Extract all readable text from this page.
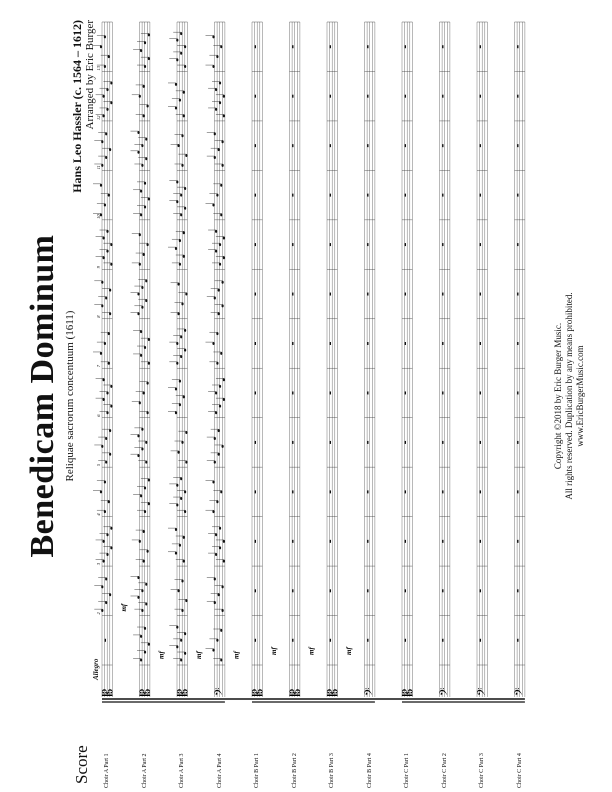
Score
Benedicam Dominum Reliquae sacrorum concentuum (1611)
Hans Leo Hassler (c. 1564 – 1612) Arranged by Eric Burger
Allegro
Choir A Part 1	Choir A Part 2	Choir A Part 3	Choir A Part 4	Choir B Part 1	Choir B Part 2	Choir B Part 3	Choir B Part 4	Choir C Part 1	Choir C Part 2	Choir C Part 3	Choir C Part 4
𝄡
mf
𝄡
mf
𝄡
mf
𝄢
mf
𝄡
mf
𝄡
mf
𝄡
mf
𝄢 𝄡 𝄢 𝄢 𝄢
2
3
4
5
6
7
8
9
10
11
12
13
Copyright ©2018 by Eric Burger Music. All rights reserved. Duplication by any means prohibited. www.EricBurgerMusic.com
